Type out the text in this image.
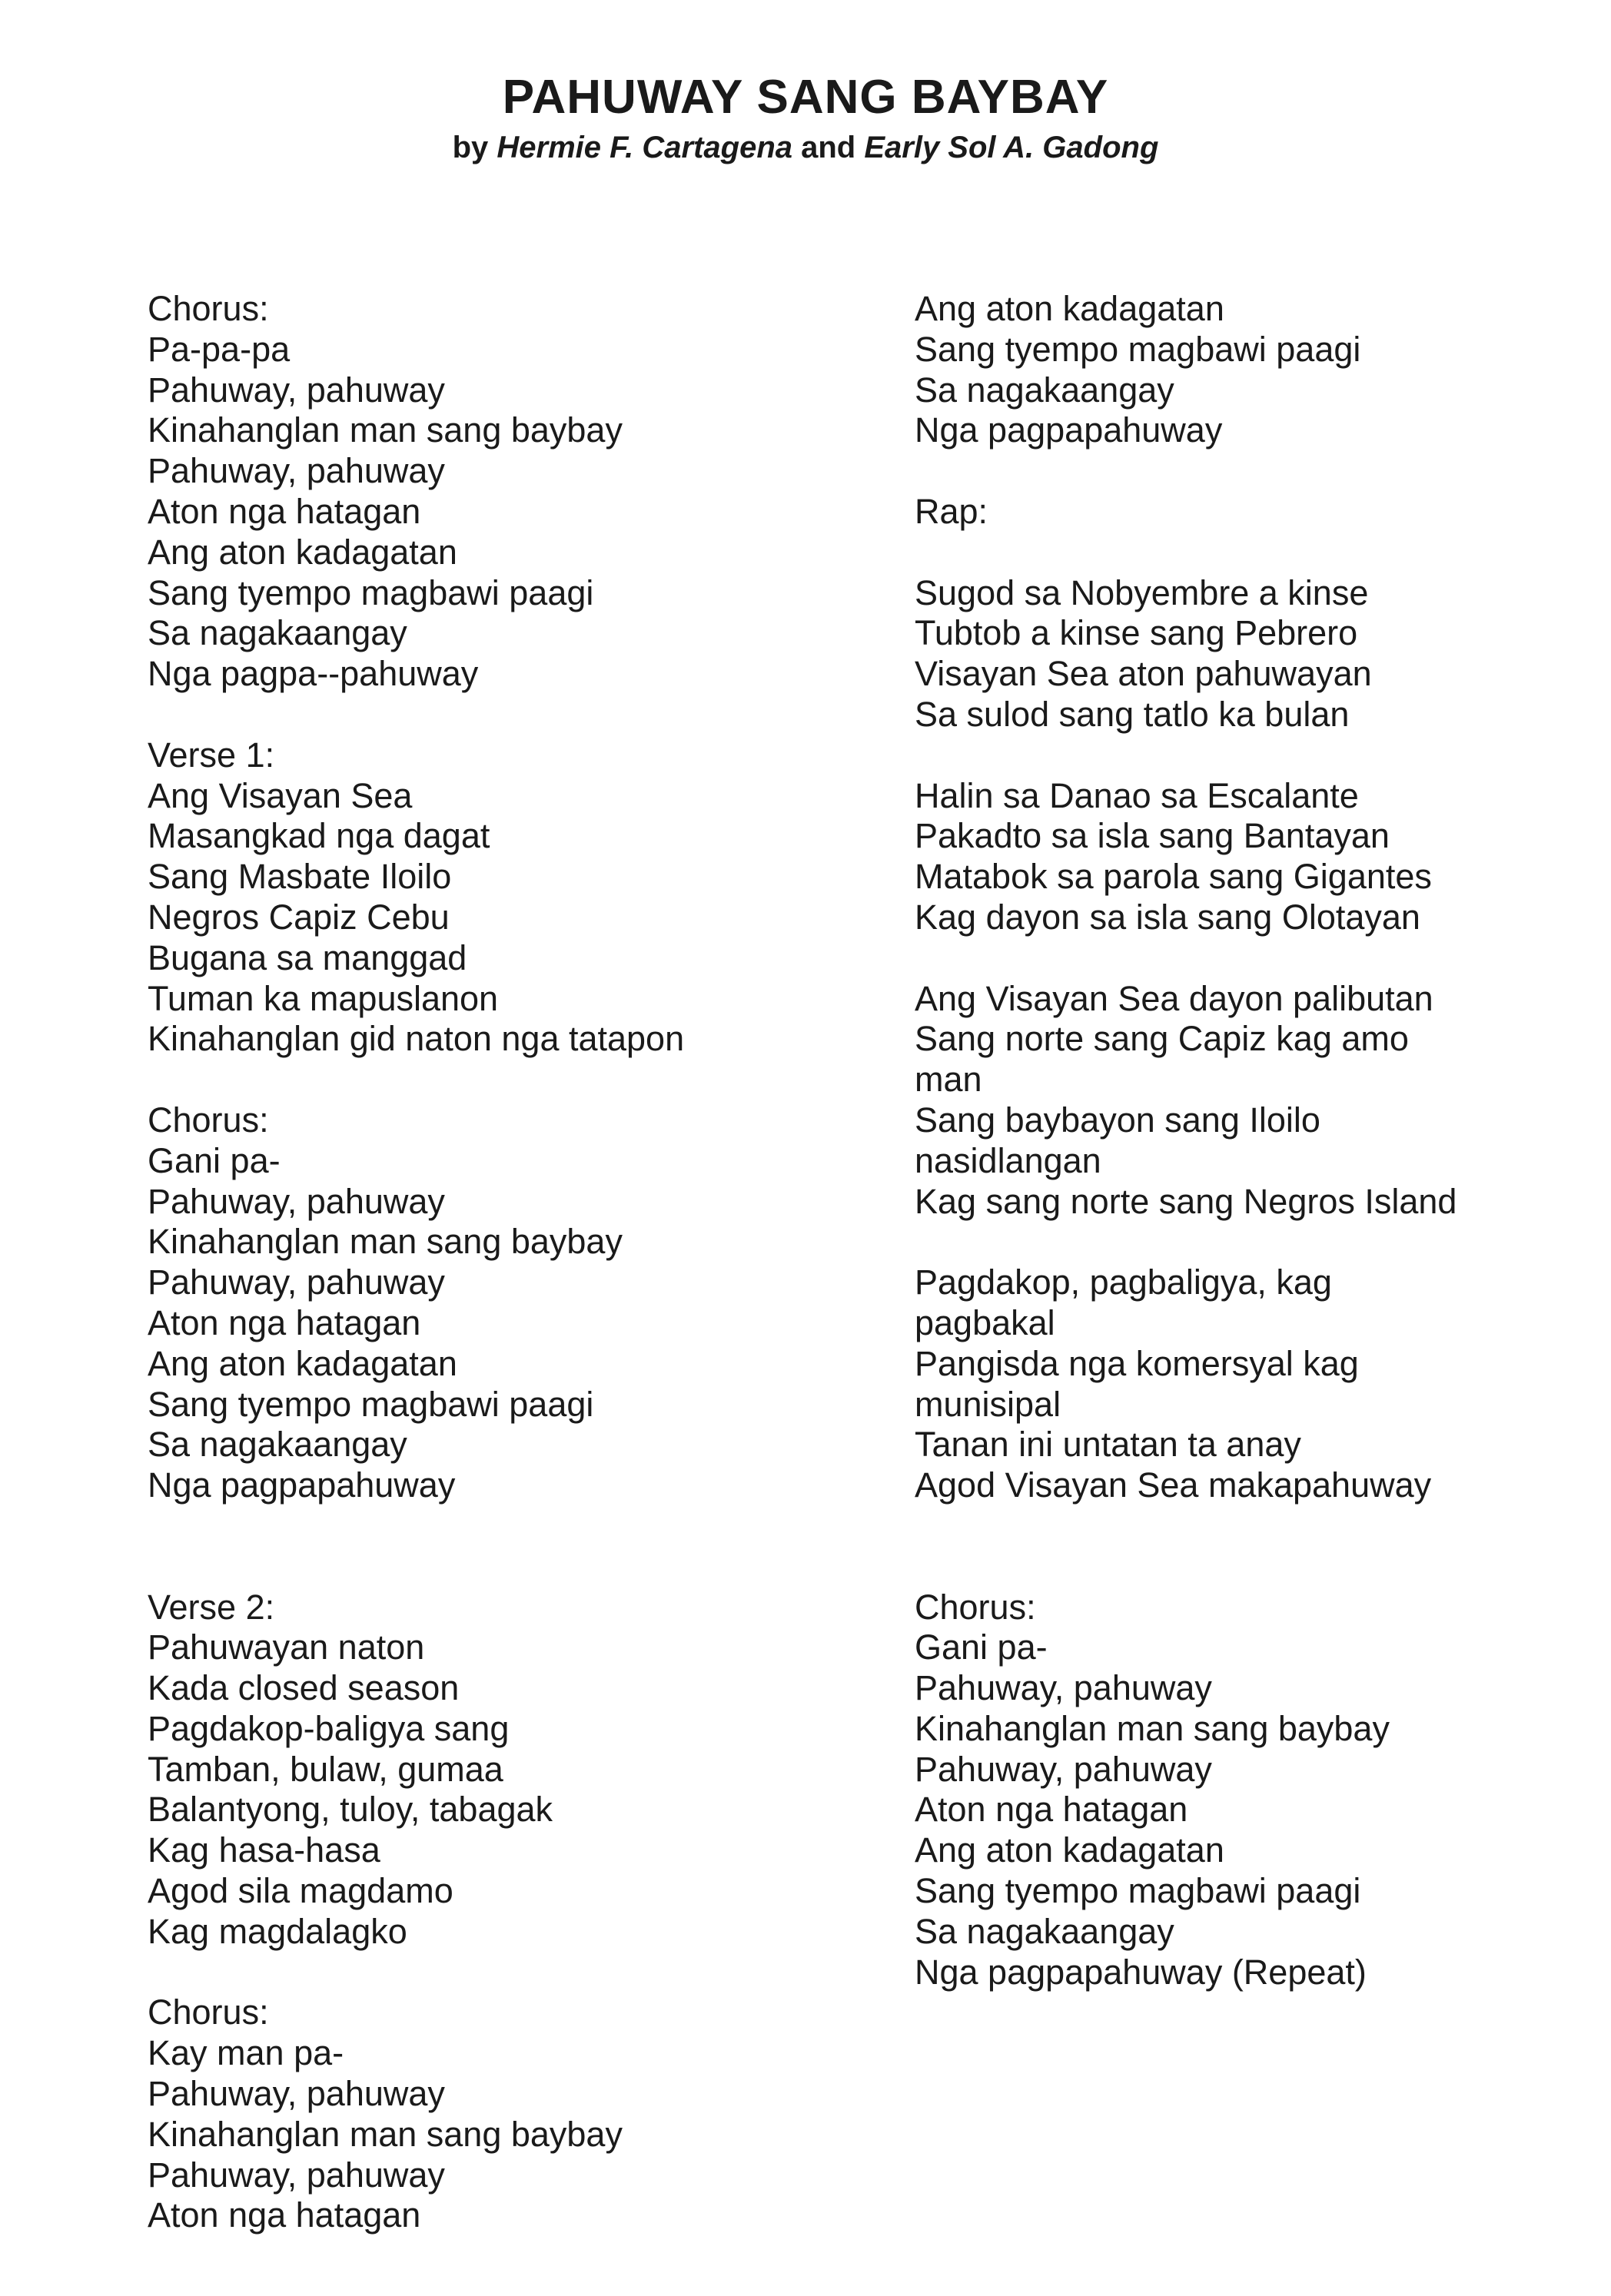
PAHUWAY SANG BAYBAY
by Hermie F. Cartagena and Early Sol A. Gadong
Chorus:
Pa-pa-pa
Pahuway, pahuway
Kinahanglan man sang baybay
Pahuway, pahuway
Aton nga hatagan
Ang aton kadagatan
Sang tyempo magbawi paagi
Sa nagakaangay
Nga pagpa--pahuway
Verse 1:
Ang Visayan Sea
Masangkad nga dagat
Sang Masbate Iloilo
Negros Capiz Cebu
Bugana sa manggad
Tuman ka mapuslanon
Kinahanglan gid naton nga tatapon
Chorus:
Gani pa-
Pahuway, pahuway
Kinahanglan man sang baybay
Pahuway, pahuway
Aton nga hatagan
Ang aton kadagatan
Sang tyempo magbawi paagi
Sa nagakaangay
Nga pagpapahuway
Verse 2:
Pahuwayan naton
Kada closed season
Pagdakop-baligya sang
Tamban, bulaw, gumaa
Balantyong, tuloy, tabagak
Kag hasa-hasa
Agod sila magdamo
Kag magdalagko
Chorus:
Kay man pa-
Pahuway, pahuway
Kinahanglan man sang baybay
Pahuway, pahuway
Aton nga hatagan
Ang aton kadagatan
Sang tyempo magbawi paagi
Sa nagakaangay
Nga pagpapahuway
Rap:
Sugod sa Nobyembre a kinse
Tubtob a kinse sang Pebrero
Visayan Sea aton pahuwayan
Sa sulod sang tatlo ka bulan
Halin sa Danao sa Escalante
Pakadto sa isla sang Bantayan
Matabok sa parola sang Gigantes
Kag dayon sa isla sang Olotayan
Ang Visayan Sea dayon palibutan
Sang norte sang Capiz kag amo
man
Sang baybayon sang Iloilo
nasidlangan
Kag sang norte sang Negros Island
Pagdakop, pagbaligya, kag
pagbakal
Pangisda nga komersyal kag
munisipal
Tanan ini untatan ta anay
Agod Visayan Sea makapahuway
Chorus:
Gani pa-
Pahuway, pahuway
Kinahanglan man sang baybay
Pahuway, pahuway
Aton nga hatagan
Ang aton kadagatan
Sang tyempo magbawi paagi
Sa nagakaangay
Nga pagpapahuway (Repeat)
